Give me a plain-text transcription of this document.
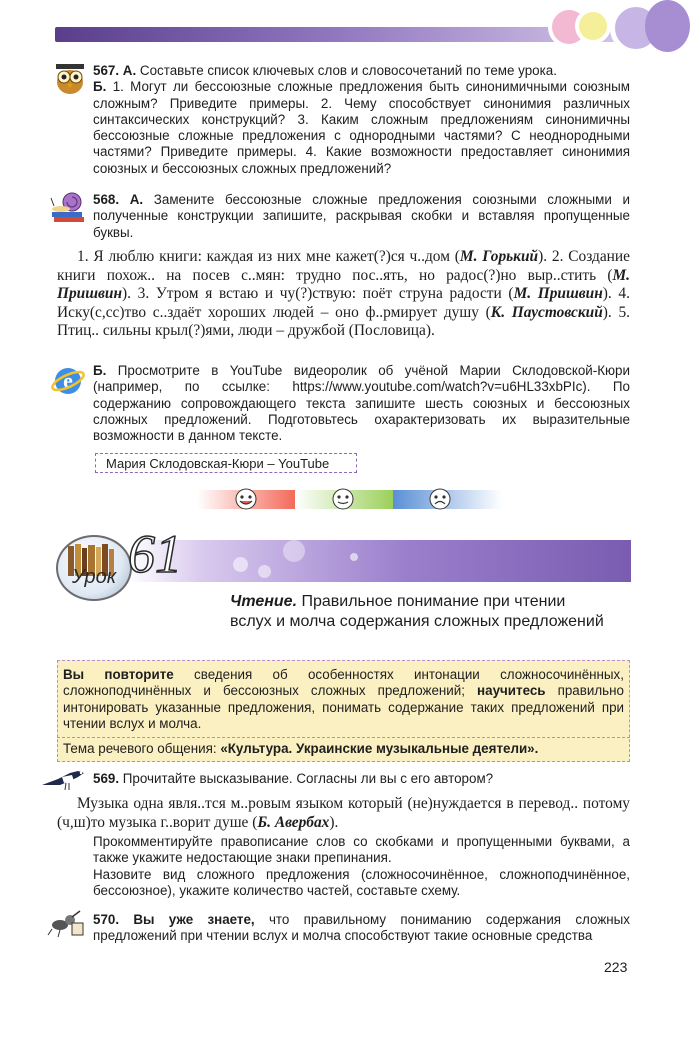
567. А. Составьте список ключевых слов и словосочетаний по теме урока.
Б. 1. Могут ли бессоюзные сложные предложения быть синонимичными союзным сложным? Приведите примеры. 2. Чему способствует синонимия различных синтаксических конструкций? 3. Каким сложным предложениям синонимичны бессоюзные сложные предложения с однородными частями? С неоднородными частями? Приведите примеры. 4. Какие возможности предоставляет синонимия союзных и бессоюзных сложных предложений?
568. А. Замените бессоюзные сложные предложения союзными сложными и полученные конструкции запишите, раскрывая скобки и вставляя пропущенные буквы.
1. Я люблю книги: каждая из них мне кажет(?)ся ч..дом (М. Горький). 2. Создание книги похож.. на посев с..мян: трудно пос..ять, но радос(?)но выр..стить (М. Пришвин). 3. Утром я встаю и чу(?)ствую: поёт струна радости (М. Пришвин). 4. Иску(с,сс)тво с..здаёт хороших людей – оно ф..рмирует душу (К. Паустовский). 5. Птиц.. сильны крыл(?)ями, люди – дружбой (Пословица).
e Б. Просмотрите в YouTube видеоролик об учёной Марии Склодовской-Кюри (например, по ссылке: https://www.youtube.com/watch?v=u6HL33xbPIc). По содержанию сопровождающего текста запишите шесть союзных и бессоюзных сложных предложений. Подготовьтесь охарактеризовать их выразительные возможности в данном тексте.
Мария Склодовская-Кюри – YouTube
Урок 61
Чтение. Правильное понимание при чтении вслух и молча содержания сложных предложений
Вы повторите сведения об особенностях интонации сложносочинённых, сложноподчинённых и бессоюзных сложных предложений; научитесь правильно интонировать указанные предложения, понимать содержание таких предложений при чтении вслух и молча.
Тема речевого общения: «Культура. Украинские музыкальные деятели».
569. Прочитайте высказывание. Согласны ли вы с его автором?
Музыка одна явля..тся м..ровым языком который (не)нуждается в перевод.. потому (ч,ш)то музыка г..ворит душе (Б. Авербах).
Прокомментируйте правописание слов со скобками и пропущенными буквами, а также укажите недостающие знаки препинания.
Назовите вид сложного предложения (сложносочинённое, сложноподчинённое, бессоюзное), укажите количество частей, составьте схему.
570. Вы уже знаете, что правильному пониманию содержания сложных предложений при чтении вслух и молча способствуют такие основные средства
223
